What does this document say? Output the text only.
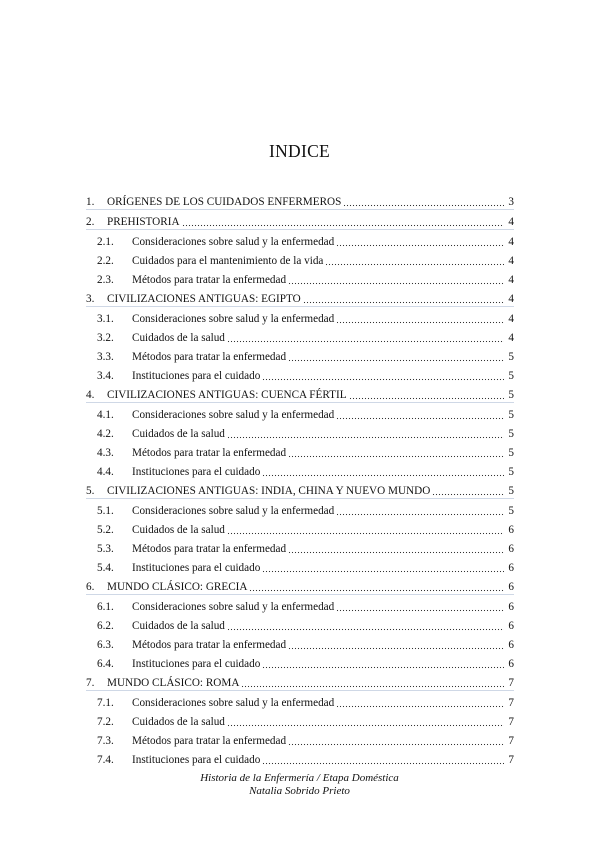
INDICE
1.	ORÍGENES DE LOS CUIDADOS ENFERMEROS	3
2.	PREHISTORIA	4
2.1.	Consideraciones sobre salud y la enfermedad	4
2.2.	Cuidados para el mantenimiento de la vida	4
2.3.	Métodos para tratar la enfermedad	4
3.	CIVILIZACIONES ANTIGUAS: EGIPTO	4
3.1.	Consideraciones sobre salud y la enfermedad	4
3.2.	Cuidados de la salud	4
3.3.	Métodos para tratar la enfermedad	5
3.4.	Instituciones para el cuidado	5
4.	CIVILIZACIONES ANTIGUAS: CUENCA FÉRTIL	5
4.1.	Consideraciones sobre salud y la enfermedad	5
4.2.	Cuidados de la salud	5
4.3.	Métodos para tratar la enfermedad	5
4.4.	Instituciones para el cuidado	5
5.	CIVILIZACIONES ANTIGUAS: INDIA, CHINA Y NUEVO MUNDO	5
5.1.	Consideraciones sobre salud y la enfermedad	5
5.2.	Cuidados de la salud	6
5.3.	Métodos para tratar la enfermedad	6
5.4.	Instituciones para el cuidado	6
6.	MUNDO CLÁSICO: GRECIA	6
6.1.	Consideraciones sobre salud y la enfermedad	6
6.2.	Cuidados de la salud	6
6.3.	Métodos para tratar la enfermedad	6
6.4.	Instituciones para el cuidado	6
7.	MUNDO CLÁSICO: ROMA	7
7.1.	Consideraciones sobre salud y la enfermedad	7
7.2.	Cuidados de la salud	7
7.3.	Métodos para tratar la enfermedad	7
7.4.	Instituciones para el cuidado	7
Historia de la Enfermería / Etapa Doméstica
Natalia Sobrido Prieto
